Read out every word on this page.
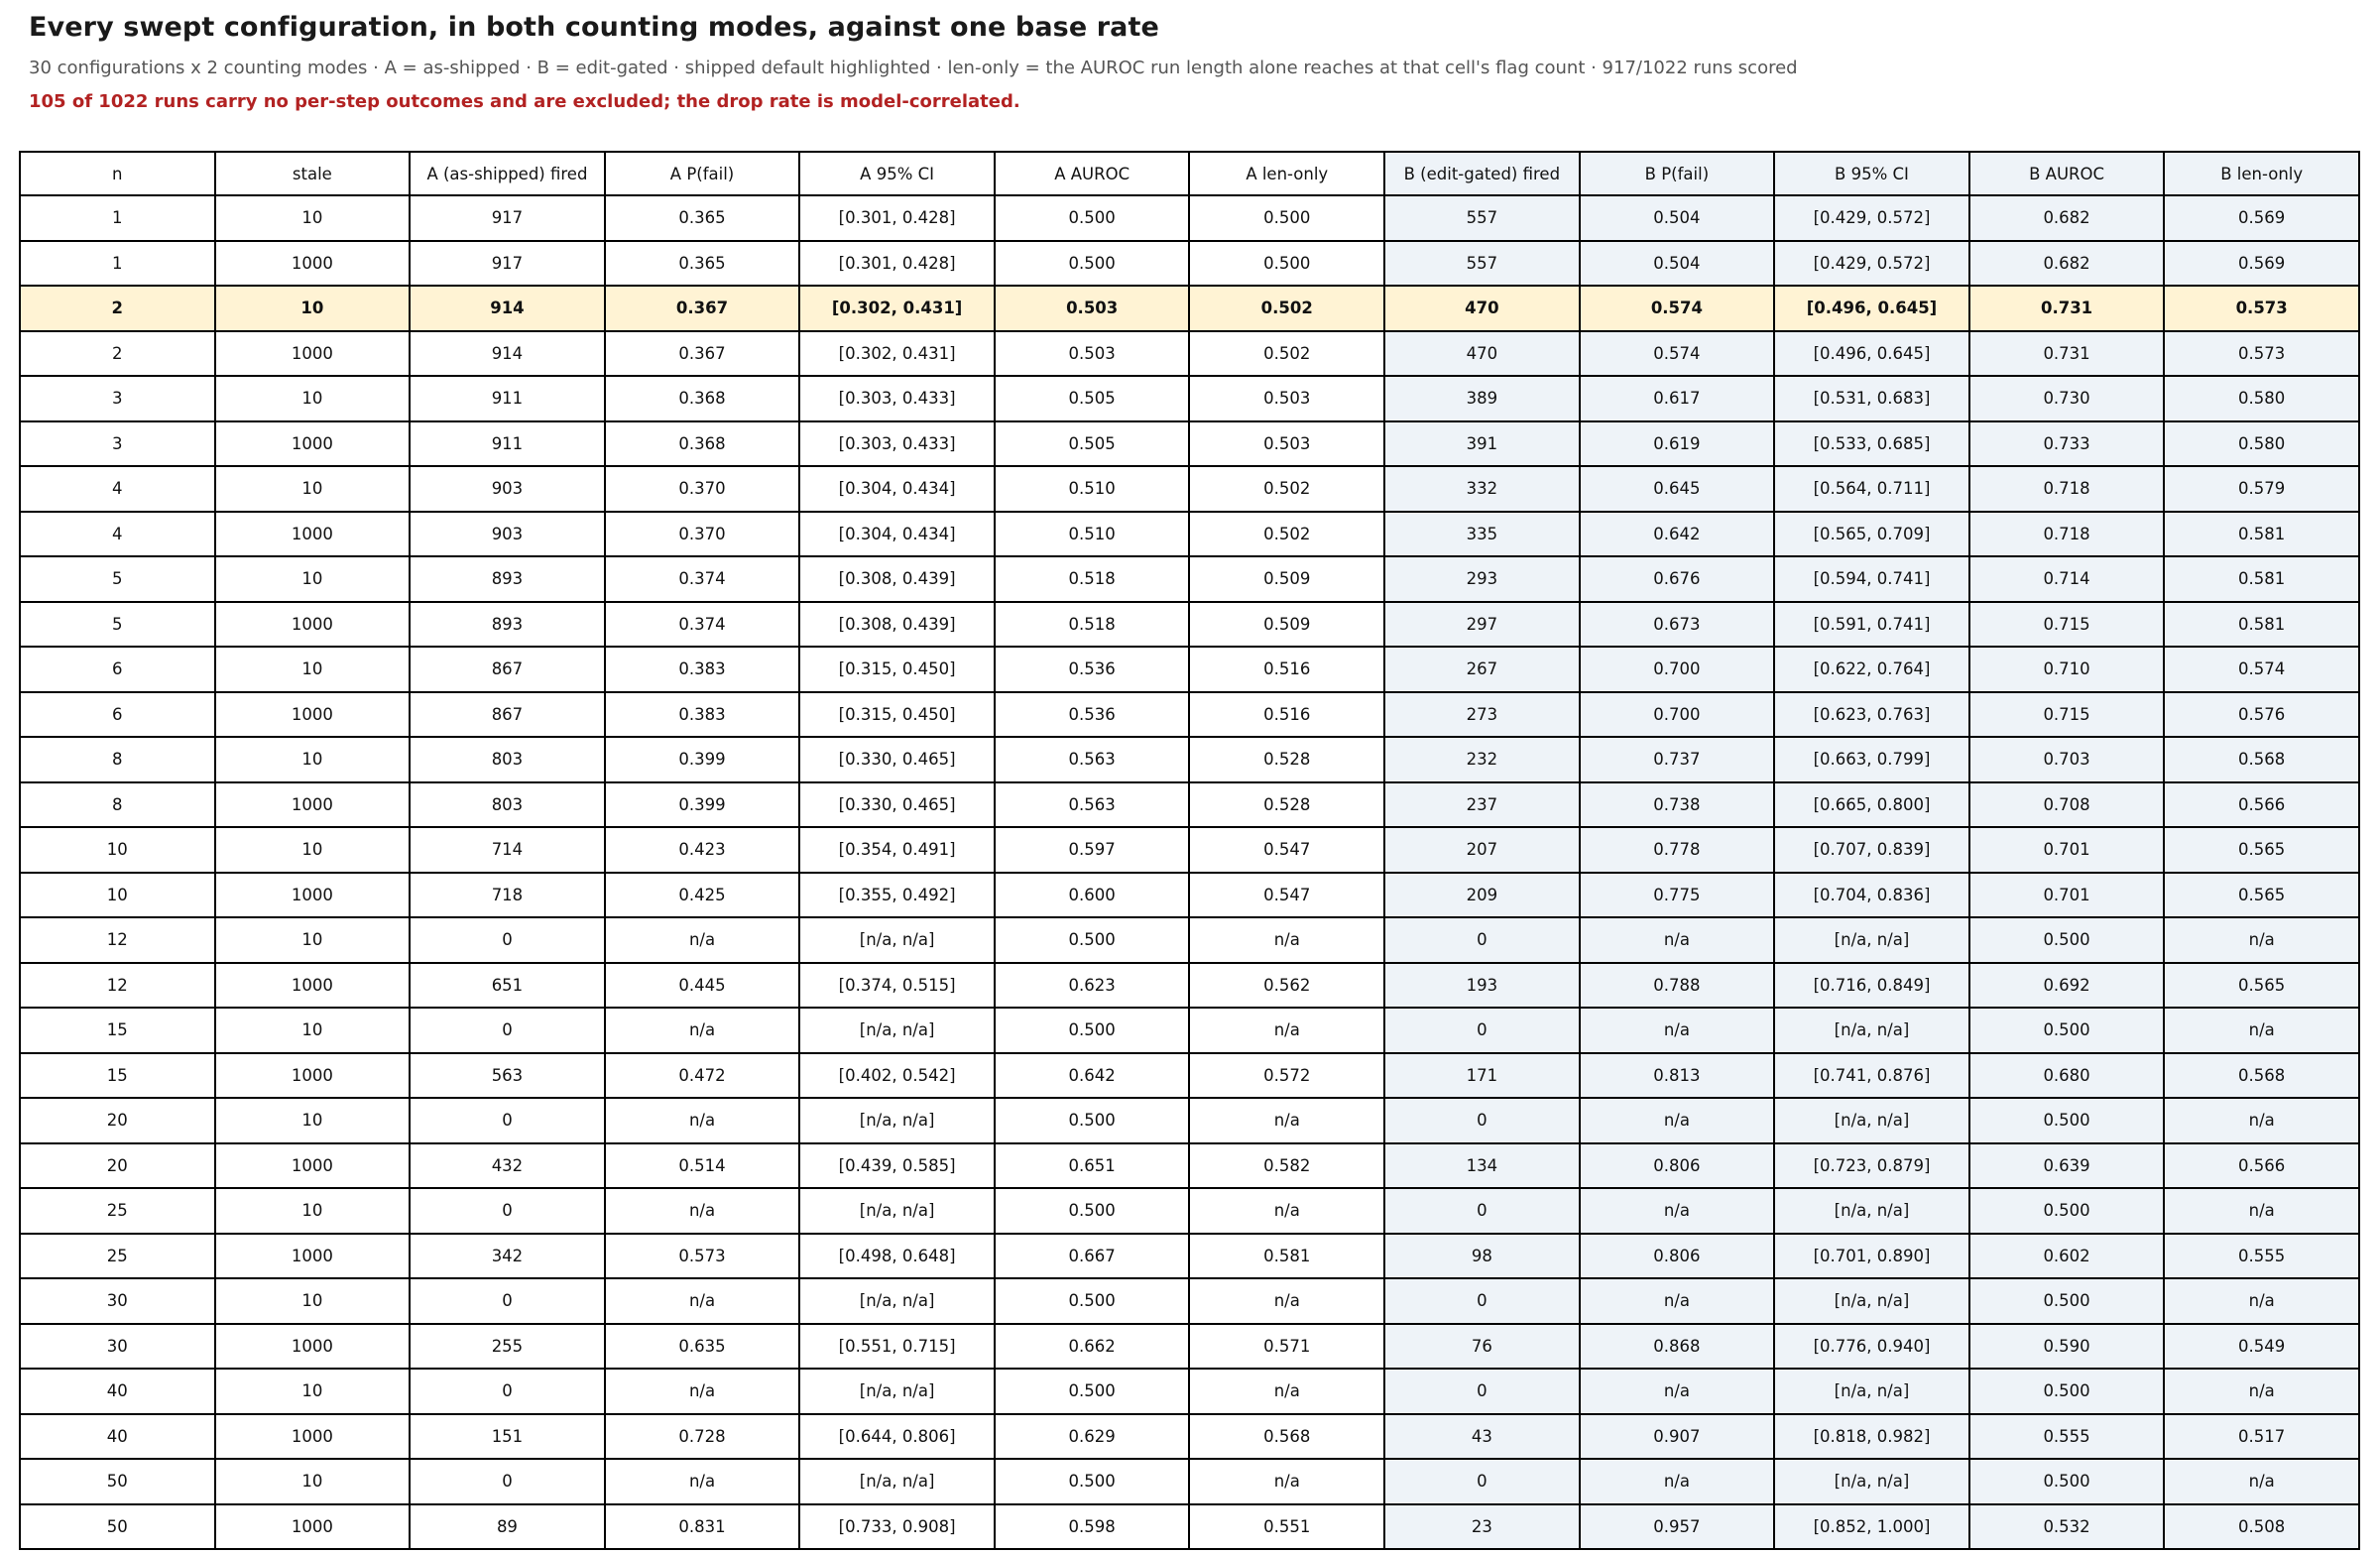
Every swept configuration, in both counting modes, against one base rate

30 configurations x 2 counting modes · A = as-shipped · B = edit-gated · shipped default highlighted · len-only = the AUROC run length alone reaches at that cell's flag count · 917/1022 runs scored

105 of 1022 runs carry no per-step outcomes and are excluded; the drop rate is model-correlated.

n	stale	A (as-shipped) fired	A P(fail)	A 95% CI	A AUROC	A len-only	B (edit-gated) fired	B P(fail)	B 95% CI	B AUROC	B len-only
1	10	917	0.365	[0.301, 0.428]	0.500	0.500	557	0.504	[0.429, 0.572]	0.682	0.569
1	1000	917	0.365	[0.301, 0.428]	0.500	0.500	557	0.504	[0.429, 0.572]	0.682	0.569
2	10	914	0.367	[0.302, 0.431]	0.503	0.502	470	0.574	[0.496, 0.645]	0.731	0.573
2	1000	914	0.367	[0.302, 0.431]	0.503	0.502	470	0.574	[0.496, 0.645]	0.731	0.573
3	10	911	0.368	[0.303, 0.433]	0.505	0.503	389	0.617	[0.531, 0.683]	0.730	0.580
3	1000	911	0.368	[0.303, 0.433]	0.505	0.503	391	0.619	[0.533, 0.685]	0.733	0.580
4	10	903	0.370	[0.304, 0.434]	0.510	0.502	332	0.645	[0.564, 0.711]	0.718	0.579
4	1000	903	0.370	[0.304, 0.434]	0.510	0.502	335	0.642	[0.565, 0.709]	0.718	0.581
5	10	893	0.374	[0.308, 0.439]	0.518	0.509	293	0.676	[0.594, 0.741]	0.714	0.581
5	1000	893	0.374	[0.308, 0.439]	0.518	0.509	297	0.673	[0.591, 0.741]	0.715	0.581
6	10	867	0.383	[0.315, 0.450]	0.536	0.516	267	0.700	[0.622, 0.764]	0.710	0.574
6	1000	867	0.383	[0.315, 0.450]	0.536	0.516	273	0.700	[0.623, 0.763]	0.715	0.576
8	10	803	0.399	[0.330, 0.465]	0.563	0.528	232	0.737	[0.663, 0.799]	0.703	0.568
8	1000	803	0.399	[0.330, 0.465]	0.563	0.528	237	0.738	[0.665, 0.800]	0.708	0.566
10	10	714	0.423	[0.354, 0.491]	0.597	0.547	207	0.778	[0.707, 0.839]	0.701	0.565
10	1000	718	0.425	[0.355, 0.492]	0.600	0.547	209	0.775	[0.704, 0.836]	0.701	0.565
12	10	0	n/a	[n/a, n/a]	0.500	n/a	0	n/a	[n/a, n/a]	0.500	n/a
12	1000	651	0.445	[0.374, 0.515]	0.623	0.562	193	0.788	[0.716, 0.849]	0.692	0.565
15	10	0	n/a	[n/a, n/a]	0.500	n/a	0	n/a	[n/a, n/a]	0.500	n/a
15	1000	563	0.472	[0.402, 0.542]	0.642	0.572	171	0.813	[0.741, 0.876]	0.680	0.568
20	10	0	n/a	[n/a, n/a]	0.500	n/a	0	n/a	[n/a, n/a]	0.500	n/a
20	1000	432	0.514	[0.439, 0.585]	0.651	0.582	134	0.806	[0.723, 0.879]	0.639	0.566
25	10	0	n/a	[n/a, n/a]	0.500	n/a	0	n/a	[n/a, n/a]	0.500	n/a
25	1000	342	0.573	[0.498, 0.648]	0.667	0.581	98	0.806	[0.701, 0.890]	0.602	0.555
30	10	0	n/a	[n/a, n/a]	0.500	n/a	0	n/a	[n/a, n/a]	0.500	n/a
30	1000	255	0.635	[0.551, 0.715]	0.662	0.571	76	0.868	[0.776, 0.940]	0.590	0.549
40	10	0	n/a	[n/a, n/a]	0.500	n/a	0	n/a	[n/a, n/a]	0.500	n/a
40	1000	151	0.728	[0.644, 0.806]	0.629	0.568	43	0.907	[0.818, 0.982]	0.555	0.517
50	10	0	n/a	[n/a, n/a]	0.500	n/a	0	n/a	[n/a, n/a]	0.500	n/a
50	1000	89	0.831	[0.733, 0.908]	0.598	0.551	23	0.957	[0.852, 1.000]	0.532	0.508
